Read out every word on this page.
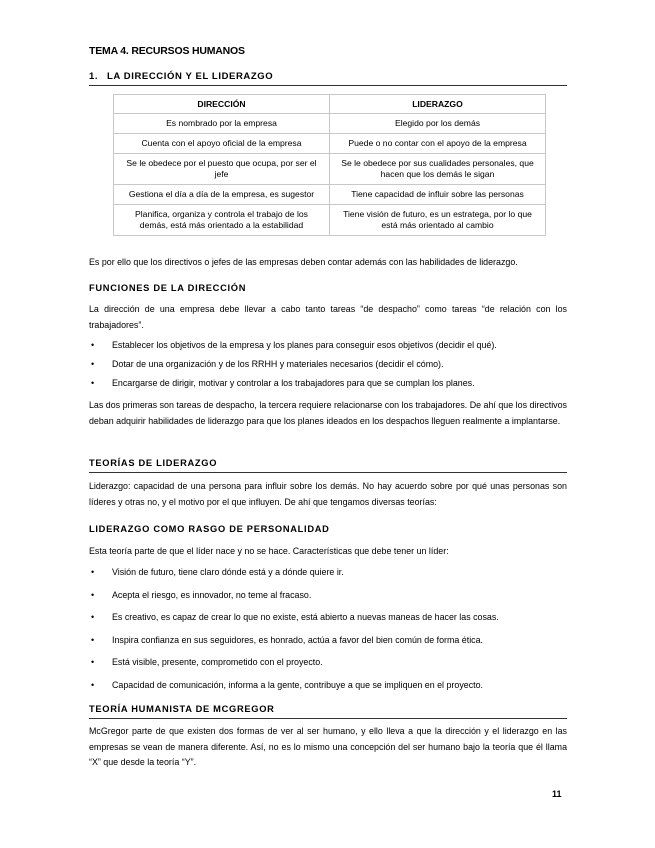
TEMA 4. RECURSOS HUMANOS
1. LA DIRECCIÓN Y EL LIDERAZGO
DIRECCIÓN	LIDERAZGO
Es nombrado por la empresa	Elegido por los demás
Cuenta con el apoyo oficial de la empresa	Puede o no contar con el apoyo de la empresa
Se le obedece por el puesto que ocupa, por ser el jefe	Se le obedece por sus cualidades personales, que hacen que los demás le sigan
Gestiona el día a día de la empresa, es sugestor	Tiene capacidad de influir sobre las personas
Planifica, organiza y controla el trabajo de los demás, está más orientado a la estabilidad	Tiene visión de futuro, es un estratega, por lo que está más orientado al cambio
Es por ello que los directivos o jefes de las empresas deben contar además con las habilidades de liderazgo.
FUNCIONES DE LA DIRECCIÓN
La dirección de una empresa debe llevar a cabo tanto tareas “de despacho” como tareas “de relación con los trabajadores”.
• Establecer los objetivos de la empresa y los planes para conseguir esos objetivos (decidir el qué).
• Dotar de una organización y de los RRHH y materiales necesarios (decidir el cómo).
• Encargarse de dirigir, motivar y controlar a los trabajadores para que se cumplan los planes.
Las dos primeras son tareas de despacho, la tercera requiere relacionarse con los trabajadores. De ahí que los directivos deban adquirir habilidades de liderazgo para que los planes ideados en los despachos lleguen realmente a implantarse.
TEORÍAS DE LIDERAZGO
Liderazgo: capacidad de una persona para influir sobre los demás. No hay acuerdo sobre por qué unas personas son líderes y otras no, y el motivo por el que influyen. De ahí que tengamos diversas teorías:
LIDERAZGO COMO RASGO DE PERSONALIDAD
Esta teoría parte de que el líder nace y no se hace. Características que debe tener un líder:
• Visión de futuro, tiene claro dónde está y a dónde quiere ir.
• Acepta el riesgo, es innovador, no teme al fracaso.
• Es creativo, es capaz de crear lo que no existe, está abierto a nuevas maneas de hacer las cosas.
• Inspira confianza en sus seguidores, es honrado, actúa a favor del bien común de forma ética.
• Está visible, presente, comprometido con el proyecto.
• Capacidad de comunicación, informa a la gente, contribuye a que se impliquen en el proyecto.
TEORÍA HUMANISTA DE MCGREGOR
McGregor parte de que existen dos formas de ver al ser humano, y ello lleva a que la dirección y el liderazgo en las empresas se vean de manera diferente. Así, no es lo mismo una concepción del ser humano bajo la teoría que él llama “X” que desde la teoría “Y”.
11
